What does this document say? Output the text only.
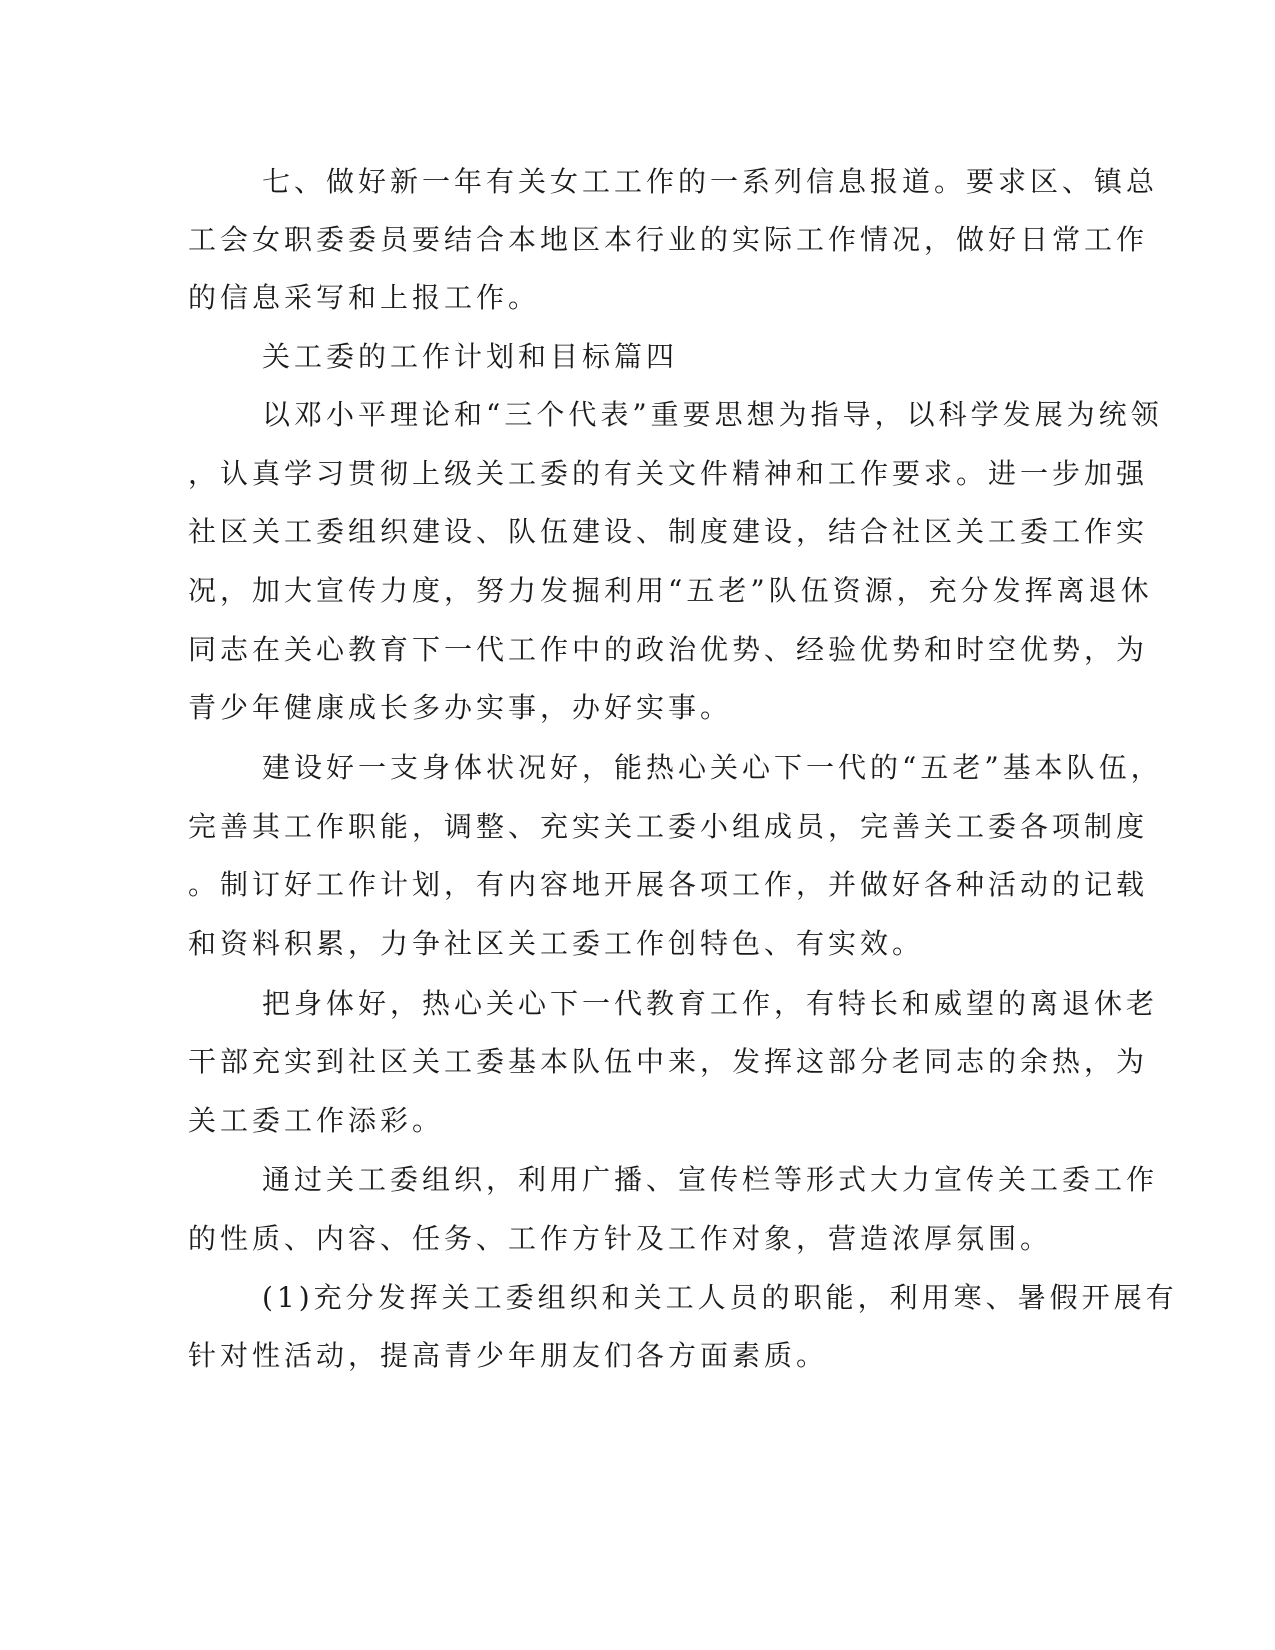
七、做好新一年有关女工工作的一系列信息报道。要求区、镇总
工会女职委委员要结合本地区本行业的实际工作情况，做好日常工作
的信息采写和上报工作。
关工委的工作计划和目标篇四
以邓小平理论和“三个代表”重要思想为指导，以科学发展为统领
，认真学习贯彻上级关工委的有关文件精神和工作要求。进一步加强
社区关工委组织建设、队伍建设、制度建设，结合社区关工委工作实
况，加大宣传力度，努力发掘利用“五老”队伍资源，充分发挥离退休
同志在关心教育下一代工作中的政治优势、经验优势和时空优势，为
青少年健康成长多办实事，办好实事。
建设好一支身体状况好，能热心关心下一代的“五老”基本队伍，
完善其工作职能，调整、充实关工委小组成员，完善关工委各项制度
。制订好工作计划，有内容地开展各项工作，并做好各种活动的记载
和资料积累，力争社区关工委工作创特色、有实效。
把身体好，热心关心下一代教育工作，有特长和威望的离退休老
干部充实到社区关工委基本队伍中来，发挥这部分老同志的余热，为
关工委工作添彩。
通过关工委组织，利用广播、宣传栏等形式大力宣传关工委工作
的性质、内容、任务、工作方针及工作对象，营造浓厚氛围。
(1)充分发挥关工委组织和关工人员的职能，利用寒、暑假开展有
针对性活动，提高青少年朋友们各方面素质。
